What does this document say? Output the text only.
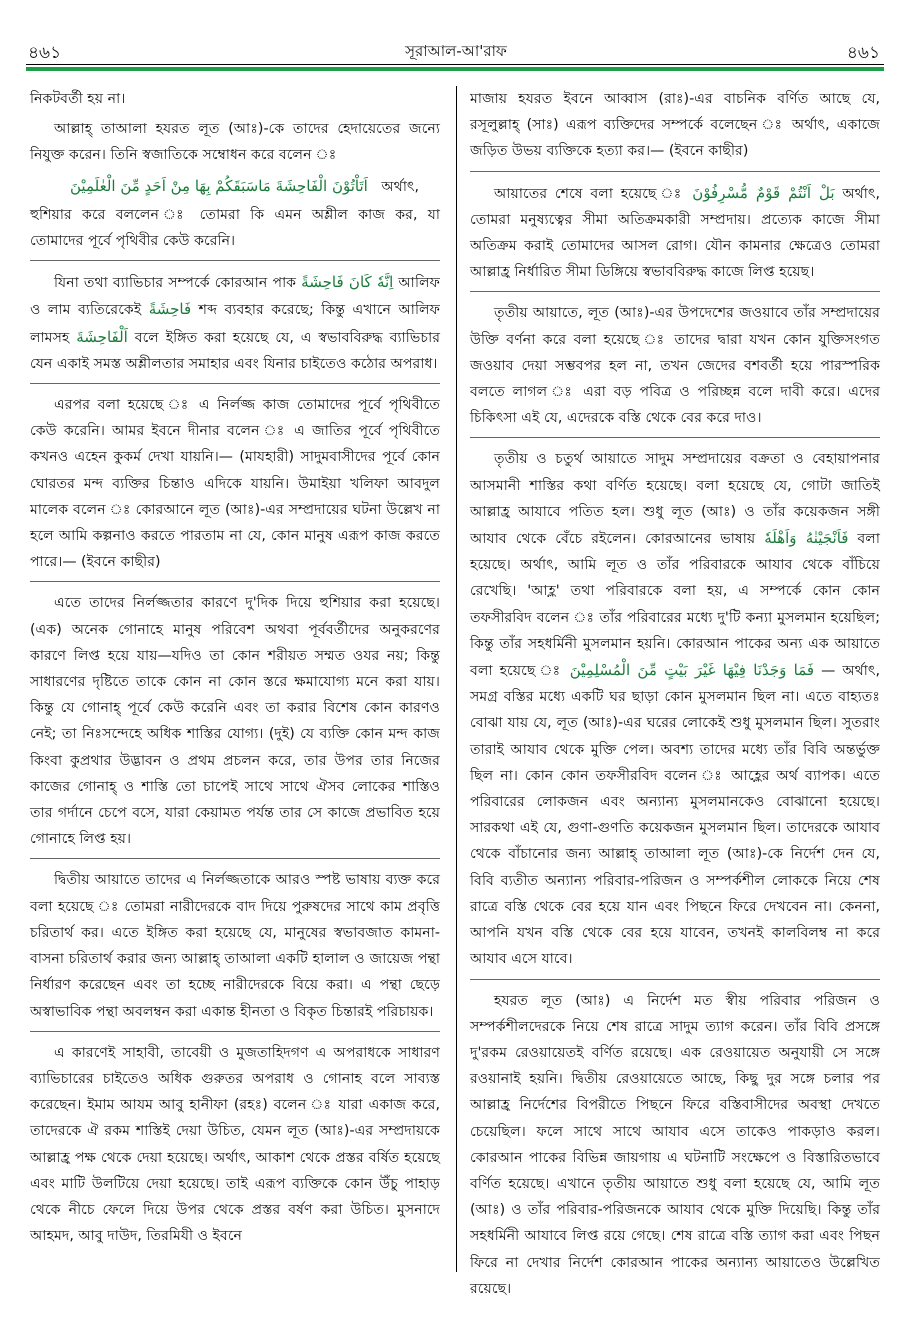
৪৬১	সূরাআল-আ'রাফ	৪৬১

নিকটবর্তী হয় না।

আল্লাহ্ তাআলা হযরত লূত (আঃ)-কে তাদের হেদায়েতের জন্যে নিযুক্ত করেন। তিনি স্বজাতিকে সম্বোধন করে বলেন ঃ

اَتَاْتُوْنَ الْفَاحِشَةَ مَاسَبَقَكُمْ بِهَا مِنْ اَحَدٍ مِّنَ الْعٰلَمِيْنَ অর্থাৎ,

হুশিয়ার করে বললেন ঃ তোমরা কি এমন অশ্লীল কাজ কর, যা তোমাদের পূর্বে পৃথিবীর কেউ করেনি।

যিনা তথা ব্যাভিচার সম্পর্কে কোরআন পাক اِنَّهٗ كَانَ فَاحِشَةً আলিফ ও লাম ব্যতিরেকেই فَاحِشَةً শব্দ ব্যবহার করেছে; কিন্তু এখানে আলিফ লামসহ اَلْفَاحِشَةَ বলে ইঙ্গিত করা হয়েছে যে, এ স্বভাববিরুদ্ধ ব্যাভিচার যেন একাই সমস্ত অশ্লীলতার সমাহার এবং যিনার চাইতেও কঠোর অপরাধ।

এরপর বলা হয়েছে ঃ এ নির্লজ্জ কাজ তোমাদের পূর্বে পৃথিবীতে কেউ করেনি। আমর ইবনে দীনার বলেন ঃ এ জাতির পূর্বে পৃথিবীতে কখনও এহেন কুকর্ম দেখা যায়নি।— (মাযহারী) সাদুমবাসীদের পূর্বে কোন ঘোরতর মন্দ ব্যক্তির চিন্তাও এদিকে যায়নি। উমাইয়া খলিফা আবদুল মালেক বলেন ঃ কোরআনে লূত (আঃ)-এর সম্প্রদায়ের ঘটনা উল্লেখ না হলে আমি কল্পনাও করতে পারতাম না যে, কোন মানুষ এরূপ কাজ করতে পারে।— (ইবনে কাছীর)

এতে তাদের নির্লজ্জতার কারণে দু'দিক দিয়ে হুশিয়ার করা হয়েছে। (এক) অনেক গোনাহে মানুষ পরিবেশ অথবা পূর্ববর্তীদের অনুকরণের কারণে লিপ্ত হয়ে যায়—যদিও তা কোন শরীয়ত সম্মত ওযর নয়; কিন্তু সাধারণের দৃষ্টিতে তাকে কোন না কোন স্তরে ক্ষমাযোগ্য মনে করা যায়। কিন্তু যে গোনাহ্ পূর্বে কেউ করেনি এবং তা করার বিশেষ কোন কারণও নেই; তা নিঃসন্দেহে অধিক শাস্তির যোগ্য। (দুই) যে ব্যক্তি কোন মন্দ কাজ কিংবা কুপ্রথার উদ্ভাবন ও প্রথম প্রচলন করে, তার উপর তার নিজের কাজের গোনাহ্ ও শাস্তি তো চাপেই সাথে সাথে ঐসব লোকের শাস্তিও তার গর্দানে চেপে বসে, যারা কেয়ামত পর্যন্ত তার সে কাজে প্রভাবিত হয়ে গোনাহে লিপ্ত হয়।

দ্বিতীয় আয়াতে তাদের এ নির্লজ্জতাকে আরও স্পষ্ট ভাষায় ব্যক্ত করে বলা হয়েছে ঃ তোমরা নারীদেরকে বাদ দিয়ে পুরুষদের সাথে কাম প্রবৃত্তি চরিতার্থ কর। এতে ইঙ্গিত করা হয়েছে যে, মানুষের স্বভাবজাত কামনা-বাসনা চরিতার্থ করার জন্য আল্লাহ্ তাআলা একটি হালাল ও জায়েজ পন্থা নির্ধারণ করেছেন এবং তা হচ্ছে নারীদেরকে বিয়ে করা। এ পন্থা ছেড়ে অস্বাভাবিক পন্থা অবলম্বন করা একান্ত হীনতা ও বিকৃত চিন্তারই পরিচায়ক।

এ কারণেই সাহাবী, তাবেয়ী ও মুজতাহিদগণ এ অপরাধকে সাধারণ ব্যাভিচারের চাইতেও অধিক গুরুতর অপরাধ ও গোনাহ বলে সাব্যস্ত করেছেন। ইমাম আযম আবু হানীফা (রহঃ) বলেন ঃ যারা একাজ করে, তাদেরকে ঐ রকম শাস্তিই দেয়া উচিত, যেমন লূত (আঃ)-এর সম্প্রদায়কে আল্লাহ্র পক্ষ থেকে দেয়া হয়েছে। অর্থাৎ, আকাশ থেকে প্রস্তর বর্ষিত হয়েছে এবং মাটি উলটিয়ে দেয়া হয়েছে। তাই এরূপ ব্যক্তিকে কোন উঁচু পাহাড় থেকে নীচে ফেলে দিয়ে উপর থেকে প্রস্তর বর্ষণ করা উচিত। মুসনাদে আহমদ, আবু দাউদ, তিরমিযী ও ইবনে

মাজায় হযরত ইবনে আব্বাস (রাঃ)-এর বাচনিক বর্ণিত আছে যে, রসূলুল্লাহ্ (সাঃ) এরূপ ব্যক্তিদের সম্পর্কে বলেছেন ঃ অর্থাৎ, একাজে জড়িত উভয় ব্যক্তিকে হত্যা কর।— (ইবনে কাছীর)

আয়াতের শেষে বলা হয়েছে ঃ بَلْ اَنْتُمْ قَوْمٌ مُّسْرِفُوْنَ অর্থাৎ, তোমরা মনুষ্যত্বের সীমা অতিক্রমকারী সম্প্রদায়। প্রত্যেক কাজে সীমা অতিক্রম করাই তোমাদের আসল রোগ। যৌন কামনার ক্ষেত্রেও তোমরা আল্লাহ্র নির্ধারিত সীমা ডিঙ্গিয়ে স্বভাববিরুদ্ধ কাজে লিপ্ত হয়েছ।

তৃতীয় আয়াতে, লূত (আঃ)-এর উপদেশের জওয়াবে তাঁর সম্প্রদায়ের উক্তি বর্ণনা করে বলা হয়েছে ঃ তাদের দ্বারা যখন কোন যুক্তিসংগত জওয়াব দেয়া সম্ভবপর হল না, তখন জেদের বশবর্তী হয়ে পারস্পরিক বলতে লাগল ঃ এরা বড় পবিত্র ও পরিচ্ছন্ন বলে দাবী করে। এদের চিকিৎসা এই যে, এদেরকে বস্তি থেকে বের করে দাও।

তৃতীয় ও চতুর্থ আয়াতে সাদুম সম্প্রদায়ের বক্রতা ও বেহায়াপনার আসমানী শাস্তির কথা বর্ণিত হয়েছে। বলা হয়েছে যে, গোটা জাতিই আল্লাহ্র আযাবে পতিত হল। শুধু লূত (আঃ) ও তাঁর কয়েকজন সঙ্গী আযাব থেকে বেঁচে রইলেন। কোরআনের ভাষায় فَاَنْجَيْنٰهُ وَاَهْلَهٗ বলা হয়েছে। অর্থাৎ, আমি লূত ও তাঁর পরিবারকে আযাব থেকে বাঁচিয়ে রেখেছি। 'আহ্ল' তথা পরিবারকে বলা হয়, এ সম্পর্কে কোন কোন তফসীরবিদ বলেন ঃ তাঁর পরিবারের মধ্যে দু'টি কন্যা মুসলমান হয়েছিল; কিন্তু তাঁর সহধর্মিনী মুসলমান হয়নি। কোরআন পাকের অন্য এক আয়াতে বলা হয়েছে ঃ فَمَا وَجَدْنَا فِيْهَا غَيْرَ بَيْتٍ مِّنَ الْمُسْلِمِيْنَ — অর্থাৎ, সমগ্র বস্তির মধ্যে একটি ঘর ছাড়া কোন মুসলমান ছিল না। এতে বাহ্যতঃ বোঝা যায় যে, লূত (আঃ)-এর ঘরের লোকেই শুধু মুসলমান ছিল। সুতরাং তারাই আযাব থেকে মুক্তি পেল। অবশ্য তাদের মধ্যে তাঁর বিবি অন্তর্ভুক্ত ছিল না। কোন কোন তফসীরবিদ বলেন ঃ আহ্লের অর্থ ব্যাপক। এতে পরিবারের লোকজন এবং অন্যান্য মুসলমানকেও বোঝানো হয়েছে। সারকথা এই যে, গুণা-গুণতি কয়েকজন মুসলমান ছিল। তাদেরকে আযাব থেকে বাঁচানোর জন্য আল্লাহ্ তাআলা লূত (আঃ)-কে নির্দেশ দেন যে, বিবি ব্যতীত অন্যান্য পরিবার-পরিজন ও সম্পর্কশীল লোককে নিয়ে শেষ রাত্রে বস্তি থেকে বের হয়ে যান এবং পিছনে ফিরে দেখবেন না। কেননা, আপনি যখন বস্তি থেকে বের হয়ে যাবেন, তখনই কালবিলম্ব না করে আযাব এসে যাবে।

হযরত লূত (আঃ) এ নির্দেশ মত স্বীয় পরিবার পরিজন ও সম্পর্কশীলদেরকে নিয়ে শেষ রাত্রে সাদুম ত্যাগ করেন। তাঁর বিবি প্রসঙ্গে দু'রকম রেওয়ায়েতই বর্ণিত রয়েছে। এক রেওয়ায়েত অনুযায়ী সে সঙ্গে রওয়ানাই হয়নি। দ্বিতীয় রেওয়ায়েতে আছে, কিছু দুর সঙ্গে চলার পর আল্লাহ্র নির্দেশের বিপরীতে পিছনে ফিরে বস্তিবাসীদের অবস্থা দেখতে চেয়েছিল। ফলে সাথে সাথে আযাব এসে তাকেও পাকড়াও করল। কোরআন পাকের বিভিন্ন জায়গায় এ ঘটনাটি সংক্ষেপে ও বিস্তারিতভাবে বর্ণিত হয়েছে। এখানে তৃতীয় আয়াতে শুধু বলা হয়েছে যে, আমি লূত (আঃ) ও তাঁর পরিবার-পরিজনকে আযাব থেকে মুক্তি দিয়েছি। কিন্তু তাঁর সহধর্মিনী আযাবে লিপ্ত রয়ে গেছে। শেষ রাত্রে বস্তি ত্যাগ করা এবং পিছন ফিরে না দেখার নির্দেশ কোরআন পাকের অন্যান্য আয়াতেও উল্লেখিত রয়েছে।
